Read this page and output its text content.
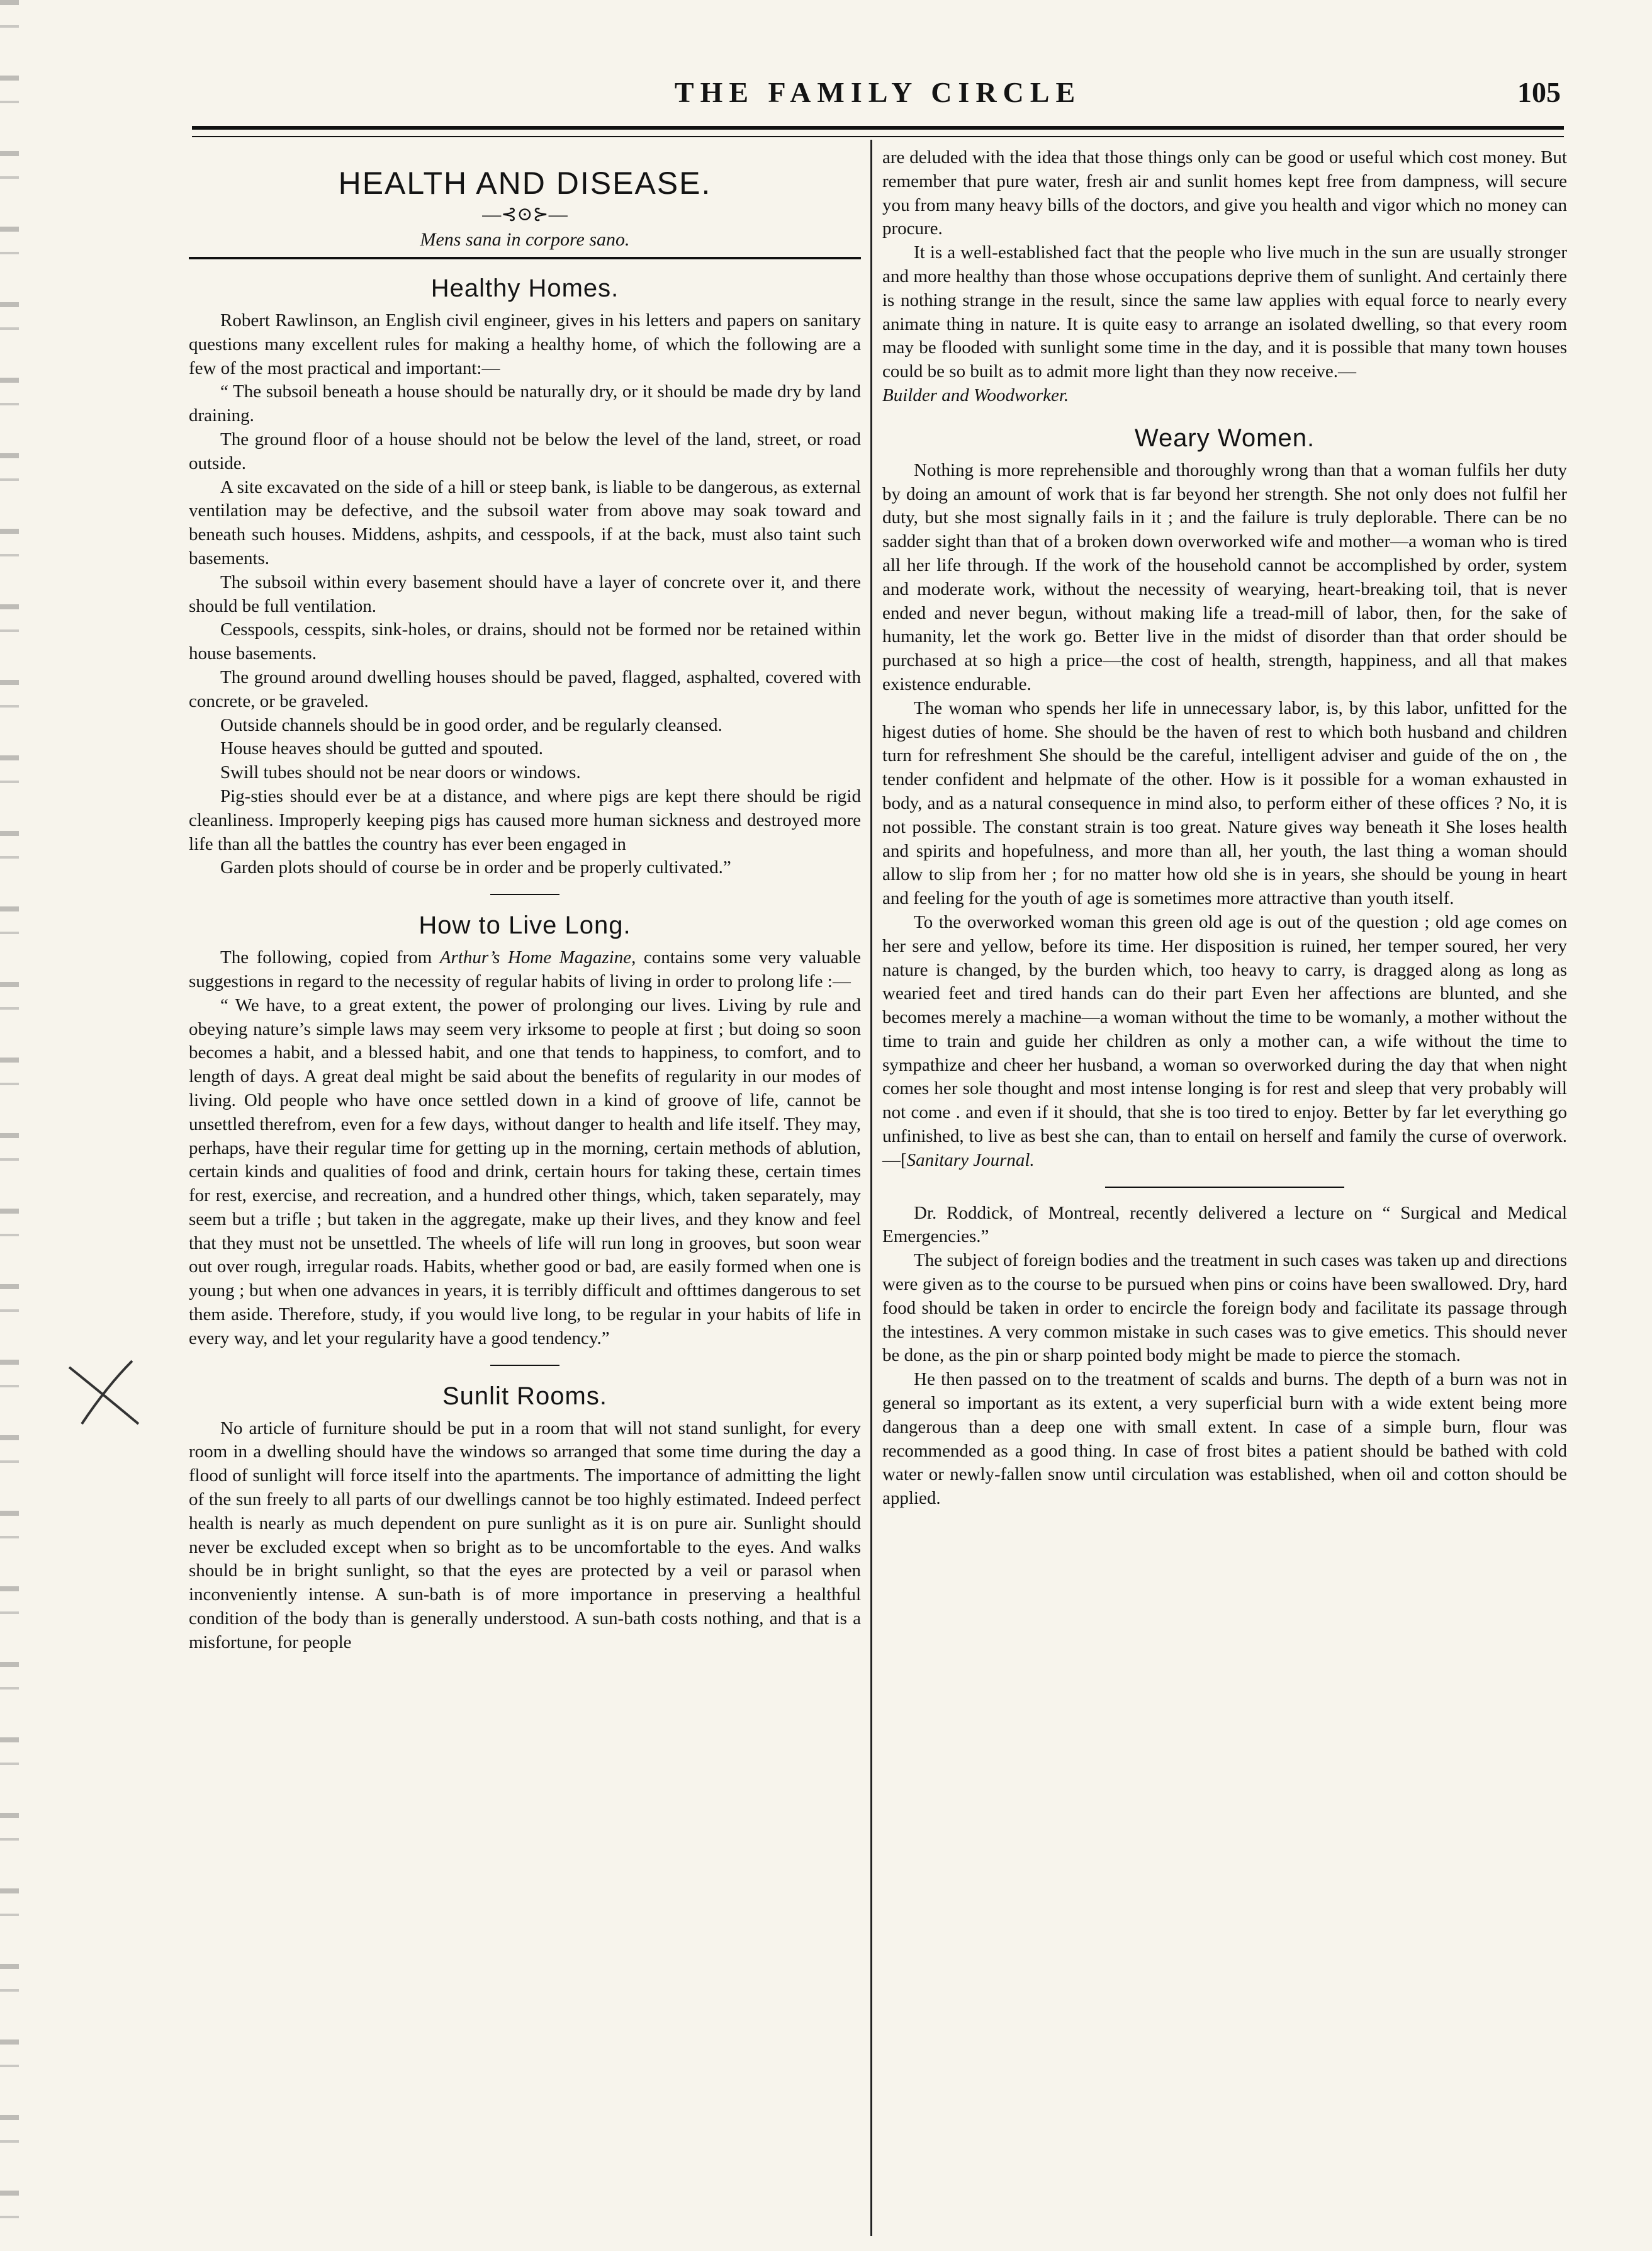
THE FAMILY CIRCLE	105
HEALTH AND DISEASE.
—⊰⊙⊱—
Mens sana in corpore sano.
Healthy Homes.

Robert Rawlinson, an English civil engineer, gives in his letters and papers on sanitary questions many excellent rules for making a healthy home, of which the following are a few of the most practical and important:—

“ The subsoil beneath a house should be naturally dry, or it should be made dry by land draining.

The ground floor of a house should not be below the level of the land, street, or road outside.

A site excavated on the side of a hill or steep bank, is liable to be dangerous, as external ventilation may be defective, and the subsoil water from above may soak toward and beneath such houses. Middens, ashpits, and cesspools, if at the back, must also taint such basements.

The subsoil within every basement should have a layer of concrete over it, and there should be full ventilation.

Cesspools, cesspits, sink-holes, or drains, should not be formed nor be retained within house basements.

The ground around dwelling houses should be paved, flagged, asphalted, covered with concrete, or be graveled.

Outside channels should be in good order, and be regularly cleansed.

House heaves should be gutted and spouted.

Swill tubes should not be near doors or windows.

Pig-sties should ever be at a distance, and where pigs are kept there should be rigid cleanliness. Improperly keeping pigs has caused more human sickness and destroyed more life than all the battles the country has ever been engaged in

Garden plots should of course be in order and be properly cultivated.”

How to Live Long.

The following, copied from Arthur’s Home Magazine, contains some very valuable suggestions in regard to the necessity of regular habits of living in order to prolong life :—

“ We have, to a great extent, the power of prolonging our lives. Living by rule and obeying nature’s simple laws may seem very irksome to people at first ; but doing so soon becomes a habit, and a blessed habit, and one that tends to happiness, to comfort, and to length of days. A great deal might be said about the benefits of regularity in our modes of living. Old people who have once settled down in a kind of groove of life, cannot be unsettled therefrom, even for a few days, without danger to health and life itself. They may, perhaps, have their regular time for getting up in the morning, certain methods of ablution, certain kinds and qualities of food and drink, certain hours for taking these, certain times for rest, exercise, and recreation, and a hundred other things, which, taken separately, may seem but a trifle ; but taken in the aggregate, make up their lives, and they know and feel that they must not be unsettled. The wheels of life will run long in grooves, but soon wear out over rough, irregular roads. Habits, whether good or bad, are easily formed when one is young ; but when one advances in years, it is terribly difficult and ofttimes dangerous to set them aside. Therefore, study, if you would live long, to be regular in your habits of life in every way, and let your regularity have a good tendency.”

Sunlit Rooms.

No article of furniture should be put in a room that will not stand sunlight, for every room in a dwelling should have the windows so arranged that some time during the day a flood of sunlight will force itself into the apartments. The importance of admitting the light of the sun freely to all parts of our dwellings cannot be too highly estimated. Indeed perfect health is nearly as much dependent on pure sunlight as it is on pure air. Sunlight should never be excluded except when so bright as to be uncomfortable to the eyes. And walks should be in bright sunlight, so that the eyes are protected by a veil or parasol when inconveniently intense. A sun-bath is of more importance in preserving a healthful condition of the body than is generally understood. A sun-bath costs nothing, and that is a misfortune, for people

are deluded with the idea that those things only can be good or useful which cost money. But remember that pure water, fresh air and sunlit homes kept free from dampness, will secure you from many heavy bills of the doctors, and give you health and vigor which no money can procure.

It is a well-established fact that the people who live much in the sun are usually stronger and more healthy than those whose occupations deprive them of sunlight. And certainly there is nothing strange in the result, since the same law applies with equal force to nearly every animate thing in nature. It is quite easy to arrange an isolated dwelling, so that every room may be flooded with sunlight some time in the day, and it is possible that many town houses could be so built as to admit more light than they now receive.—
Builder and Woodworker.

Weary Women.

Nothing is more reprehensible and thoroughly wrong than that a woman fulfils her duty by doing an amount of work that is far beyond her strength. She not only does not fulfil her duty, but she most signally fails in it ; and the failure is truly deplorable. There can be no sadder sight than that of a broken down overworked wife and mother—a woman who is tired all her life through. If the work of the household cannot be accomplished by order, system and moderate work, without the necessity of wearying, heart-breaking toil, that is never ended and never begun, without making life a tread-mill of labor, then, for the sake of humanity, let the work go. Better live in the midst of disorder than that order should be purchased at so high a price—the cost of health, strength, happiness, and all that makes existence endurable.

The woman who spends her life in unnecessary labor, is, by this labor, unfitted for the higest duties of home. She should be the haven of rest to which both husband and children turn for refreshment She should be the careful, intelligent adviser and guide of the on , the tender confident and helpmate of the other. How is it possible for a woman exhausted in body, and as a natural consequence in mind also, to perform either of these offices ? No, it is not possible. The constant strain is too great. Nature gives way beneath it She loses health and spirits and hopefulness, and more than all, her youth, the last thing a woman should allow to slip from her ; for no matter how old she is in years, she should be young in heart and feeling for the youth of age is sometimes more attractive than youth itself.

To the overworked woman this green old age is out of the question ; old age comes on her sere and yellow, before its time. Her disposition is ruined, her temper soured, her very nature is changed, by the burden which, too heavy to carry, is dragged along as long as wearied feet and tired hands can do their part Even her affections are blunted, and she becomes merely a machine—a woman without the time to be womanly, a mother without the time to train and guide her children as only a mother can, a wife without the time to sympathize and cheer her husband, a woman so overworked during the day that when night comes her sole thought and most intense longing is for rest and sleep that very probably will not come . and even if it should, that she is too tired to enjoy. Better by far let everything go unfinished, to live as best she can, than to entail on herself and family the curse of overwork.—[Sanitary Journal.

Dr. Roddick, of Montreal, recently delivered a lecture on “ Surgical and Medical Emergencies.”

The subject of foreign bodies and the treatment in such cases was taken up and directions were given as to the course to be pursued when pins or coins have been swallowed. Dry, hard food should be taken in order to encircle the foreign body and facilitate its passage through the intestines. A very common mistake in such cases was to give emetics. This should never be done, as the pin or sharp pointed body might be made to pierce the stomach.

He then passed on to the treatment of scalds and burns. The depth of a burn was not in general so important as its extent, a very superficial burn with a wide extent being more dangerous than a deep one with small extent. In case of a simple burn, flour was recommended as a good thing. In case of frost bites a patient should be bathed with cold water or newly-fallen snow until circulation was established, when oil and cotton should be applied.
